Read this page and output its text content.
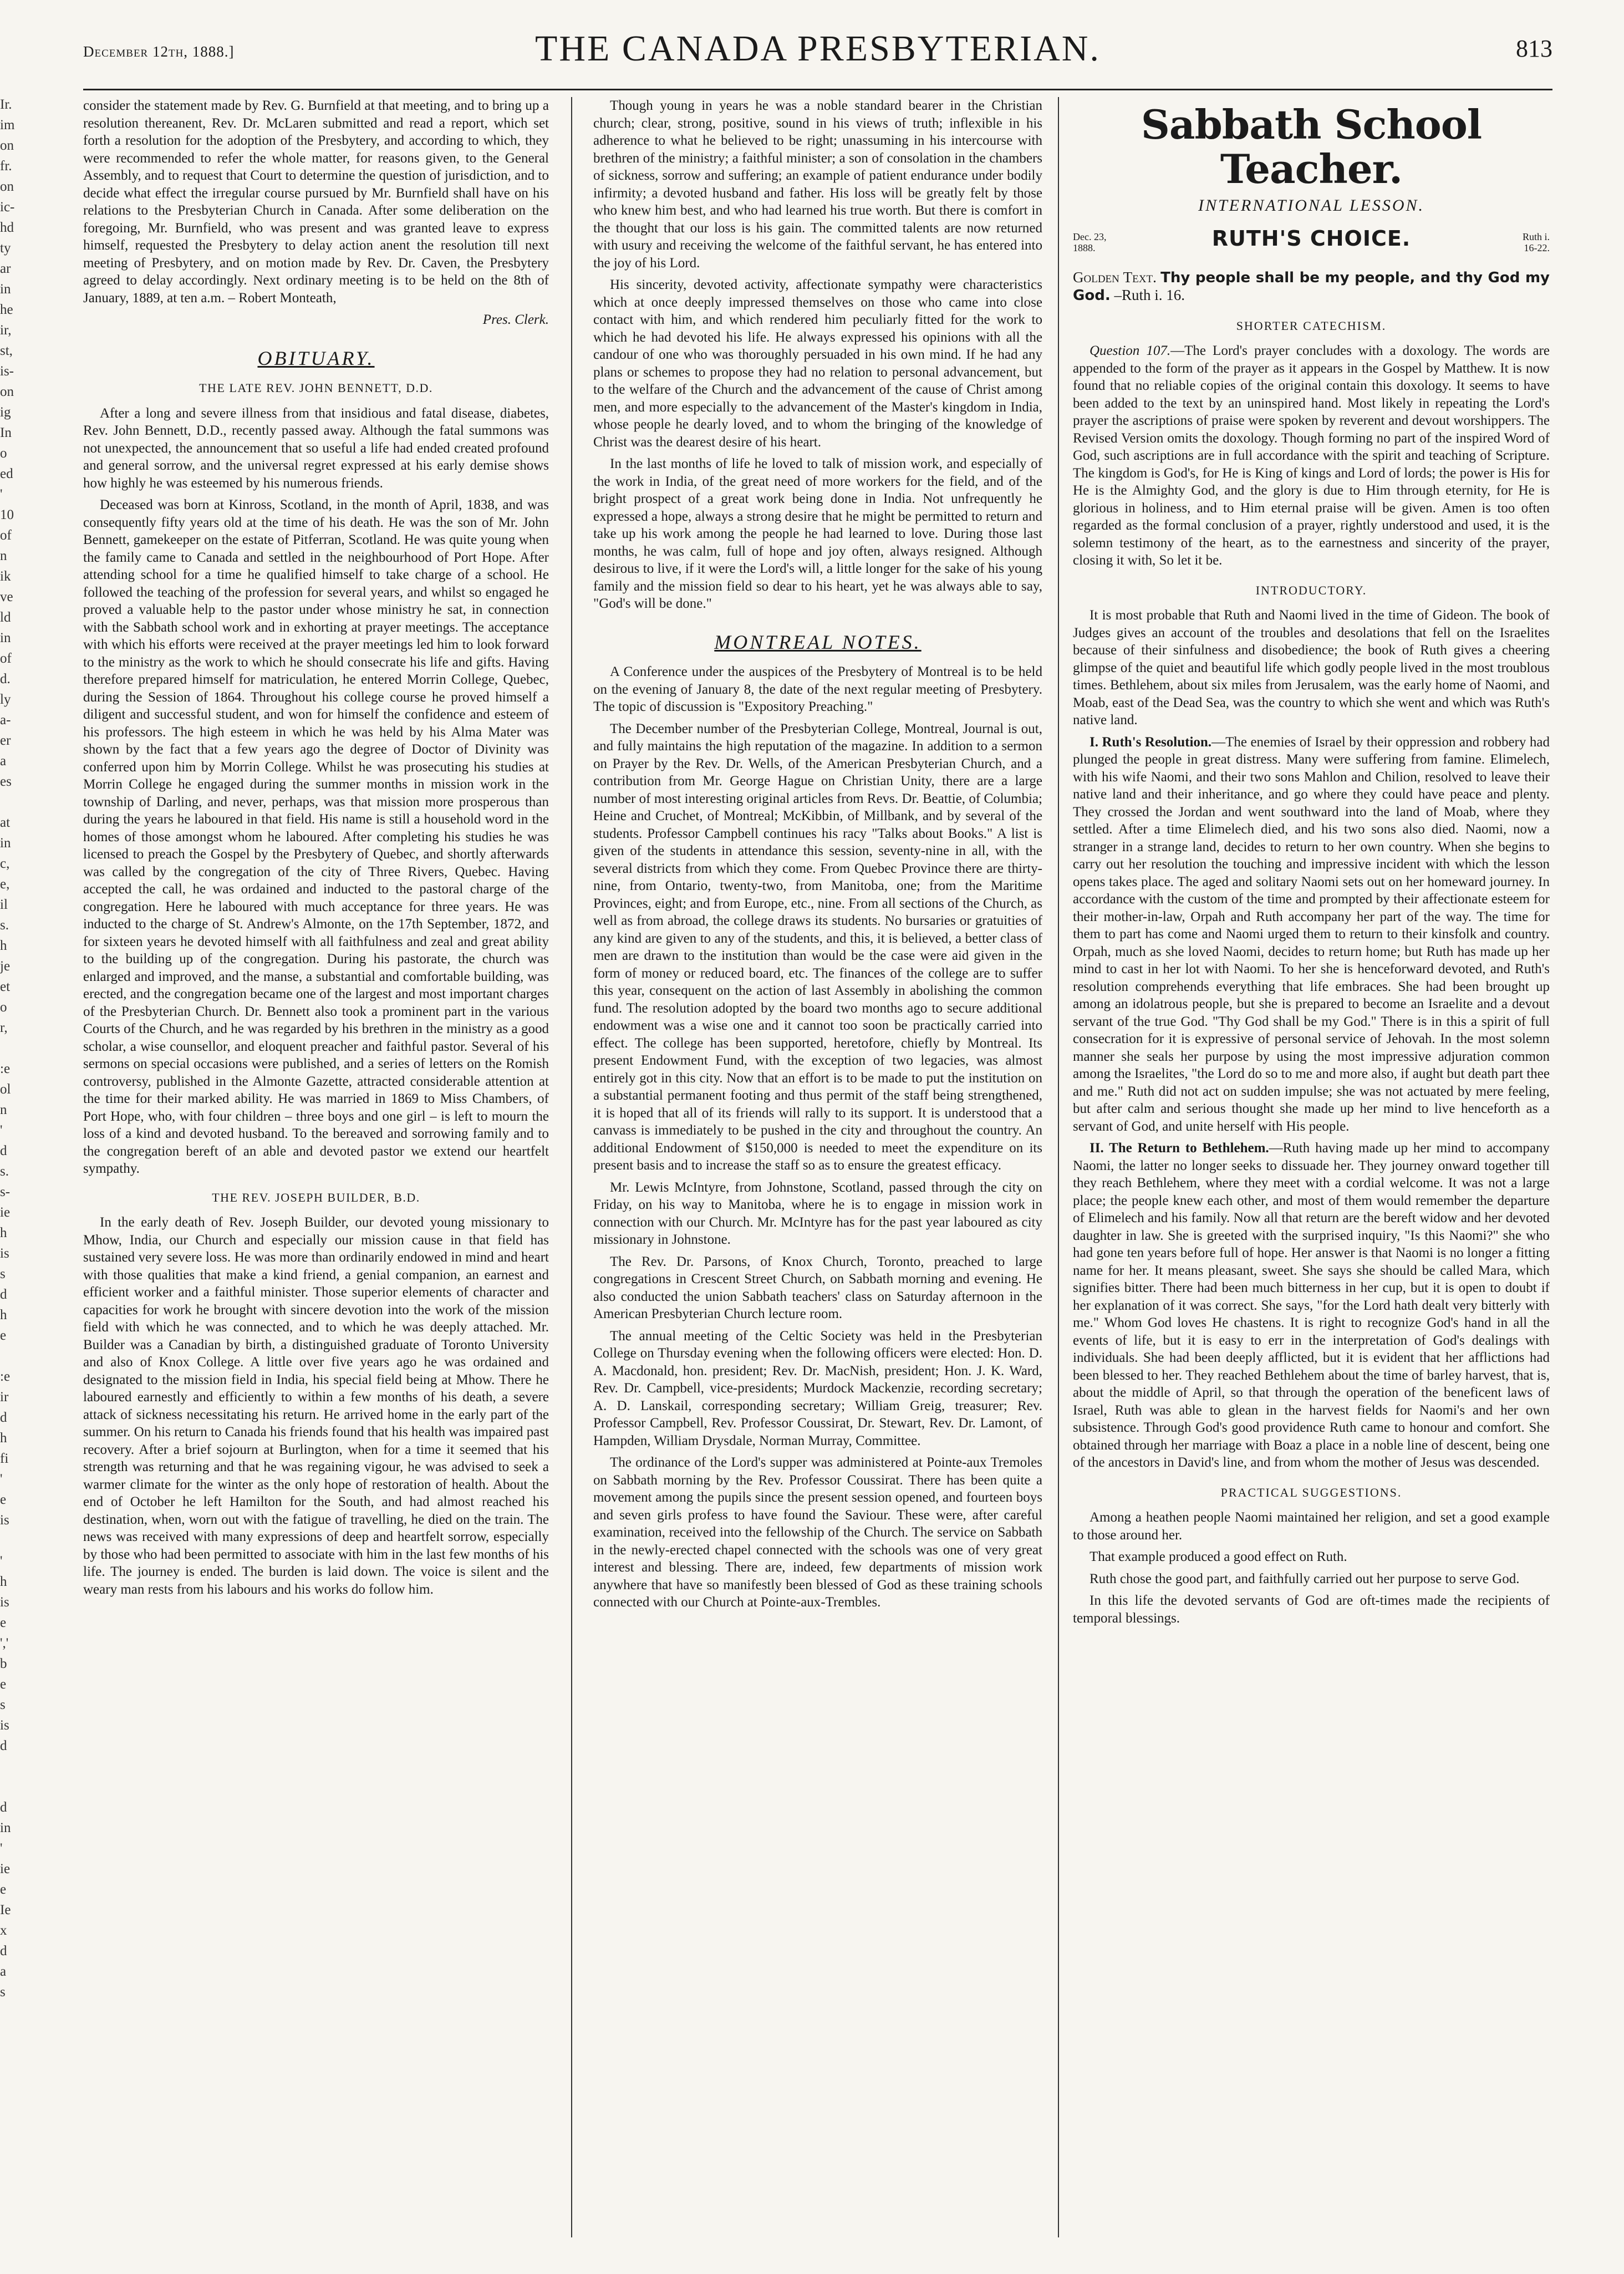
December 12th, 1888.]	THE CANADA PRESBYTERIAN.	813
Ir.
im
on
fr.
on
ic-
hd
ty
ar
in
he
ir,
st,
is-
on
ig
In
o
ed
'
10
of
n
ik
ve
ld
in
of
d.
ly
a-
er
a
es

at
in
c,
e,
il
s.
h
je
et
o
r,

:e
ol
n
'
d
s.
s-
ie
h
is
s
d
h
e

:e
ir
d
h
fi
'
e
is

'
h
is
e
','
b
e
s
is
d

d
in
'
ie
e
Ie
x
d
a
s

consider the statement made by Rev. G. Burnfield at that meeting, and to bring up a resolution thereanent, Rev. Dr. McLaren submitted and read a report, which set forth a resolution for the adoption of the Presbytery, and according to which, they were recommended to refer the whole matter, for reasons given, to the General Assembly, and to request that Court to determine the question of jurisdiction, and to decide what effect the irregular course pursued by Mr. Burnfield shall have on his relations to the Presbyterian Church in Canada. After some deliberation on the foregoing, Mr. Burnfield, who was present and was granted leave to express himself, requested the Presbytery to delay action anent the resolution till next meeting of Presbytery, and on motion made by Rev. Dr. Caven, the Presbytery agreed to delay accordingly. Next ordinary meeting is to be held on the 8th of January, 1889, at ten a.m. – Robert Monteath,

Pres. Clerk.

OBITUARY.
THE LATE REV. JOHN BENNETT, D.D.

After a long and severe illness from that insidious and fatal disease, diabetes, Rev. John Bennett, D.D., recently passed away. Although the fatal summons was not unexpected, the announcement that so useful a life had ended created profound and general sorrow, and the universal regret expressed at his early demise shows how highly he was esteemed by his numerous friends.

Deceased was born at Kinross, Scotland, in the month of April, 1838, and was consequently fifty years old at the time of his death. He was the son of Mr. John Bennett, gamekeeper on the estate of Pitferran, Scotland. He was quite young when the family came to Canada and settled in the neighbourhood of Port Hope. After attending school for a time he qualified himself to take charge of a school. He followed the teaching of the profession for several years, and whilst so engaged he proved a valuable help to the pastor under whose ministry he sat, in connection with the Sabbath school work and in exhorting at prayer meetings. The acceptance with which his efforts were received at the prayer meetings led him to look forward to the ministry as the work to which he should consecrate his life and gifts. Having therefore prepared himself for matriculation, he entered Morrin College, Quebec, during the Session of 1864. Throughout his college course he proved himself a diligent and successful student, and won for himself the confidence and esteem of his professors. The high esteem in which he was held by his Alma Mater was shown by the fact that a few years ago the degree of Doctor of Divinity was conferred upon him by Morrin College. Whilst he was prosecuting his studies at Morrin College he engaged during the summer months in mission work in the township of Darling, and never, perhaps, was that mission more prosperous than during the years he laboured in that field. His name is still a household word in the homes of those amongst whom he laboured. After completing his studies he was licensed to preach the Gospel by the Presbytery of Quebec, and shortly afterwards was called by the congregation of the city of Three Rivers, Quebec. Having accepted the call, he was ordained and inducted to the pastoral charge of the congregation. Here he laboured with much acceptance for three years. He was inducted to the charge of St. Andrew's Almonte, on the 17th September, 1872, and for sixteen years he devoted himself with all faithfulness and zeal and great ability to the building up of the congregation. During his pastorate, the church was enlarged and improved, and the manse, a substantial and comfortable building, was erected, and the congregation became one of the largest and most important charges of the Presbyterian Church. Dr. Bennett also took a prominent part in the various Courts of the Church, and he was regarded by his brethren in the ministry as a good scholar, a wise counsellor, and eloquent preacher and faithful pastor. Several of his sermons on special occasions were published, and a series of letters on the Romish controversy, published in the Almonte Gazette, attracted considerable attention at the time for their marked ability. He was married in 1869 to Miss Chambers, of Port Hope, who, with four children – three boys and one girl – is left to mourn the loss of a kind and devoted husband. To the bereaved and sorrowing family and to the congregation bereft of an able and devoted pastor we extend our heartfelt sympathy.

THE REV. JOSEPH BUILDER, B.D.

In the early death of Rev. Joseph Builder, our devoted young missionary to Mhow, India, our Church and especially our mission cause in that field has sustained very severe loss. He was more than ordinarily endowed in mind and heart with those qualities that make a kind friend, a genial companion, an earnest and efficient worker and a faithful minister. Those superior elements of character and capacities for work he brought with sincere devotion into the work of the mission field with which he was connected, and to which he was deeply attached. Mr. Builder was a Canadian by birth, a distinguished graduate of Toronto University and also of Knox College. A little over five years ago he was ordained and designated to the mission field in India, his special field being at Mhow. There he laboured earnestly and efficiently to within a few months of his death, a severe attack of sickness necessitating his return. He arrived home in the early part of the summer. On his return to Canada his friends found that his health was impaired past recovery. After a brief sojourn at Burlington, when for a time it seemed that his strength was returning and that he was regaining vigour, he was advised to seek a warmer climate for the winter as the only hope of restoration of health. About the end of October he left Hamilton for the South, and had almost reached his destination, when, worn out with the fatigue of travelling, he died on the train. The news was received with many expressions of deep and heartfelt sorrow, especially by those who had been permitted to associate with him in the last few months of his life. The journey is ended. The burden is laid down. The voice is silent and the weary man rests from his labours and his works do follow him.

Though young in years he was a noble standard bearer in the Christian church; clear, strong, positive, sound in his views of truth; inflexible in his adherence to what he believed to be right; unassuming in his intercourse with brethren of the ministry; a faithful minister; a son of consolation in the chambers of sickness, sorrow and suffering; an example of patient endurance under bodily infirmity; a devoted husband and father. His loss will be greatly felt by those who knew him best, and who had learned his true worth. But there is comfort in the thought that our loss is his gain. The committed talents are now returned with usury and receiving the welcome of the faithful servant, he has entered into the joy of his Lord.

His sincerity, devoted activity, affectionate sympathy were characteristics which at once deeply impressed themselves on those who came into close contact with him, and which rendered him peculiarly fitted for the work to which he had devoted his life. He always expressed his opinions with all the candour of one who was thoroughly persuaded in his own mind. If he had any plans or schemes to propose they had no relation to personal advancement, but to the welfare of the Church and the advancement of the cause of Christ among men, and more especially to the advancement of the Master's kingdom in India, whose people he dearly loved, and to whom the bringing of the knowledge of Christ was the dearest desire of his heart.

In the last months of life he loved to talk of mission work, and especially of the work in India, of the great need of more workers for the field, and of the bright prospect of a great work being done in India. Not unfrequently he expressed a hope, always a strong desire that he might be permitted to return and take up his work among the people he had learned to love. During those last months, he was calm, full of hope and joy often, always resigned. Although desirous to live, if it were the Lord's will, a little longer for the sake of his young family and the mission field so dear to his heart, yet he was always able to say, "God's will be done."

MONTREAL NOTES.

A Conference under the auspices of the Presbytery of Montreal is to be held on the evening of January 8, the date of the next regular meeting of Presbytery. The topic of discussion is "Expository Preaching."

The December number of the Presbyterian College, Montreal, Journal is out, and fully maintains the high reputation of the magazine. In addition to a sermon on Prayer by the Rev. Dr. Wells, of the American Presbyterian Church, and a contribution from Mr. George Hague on Christian Unity, there are a large number of most interesting original articles from Revs. Dr. Beattie, of Columbia; Heine and Cruchet, of Montreal; McKibbin, of Millbank, and by several of the students. Professor Campbell continues his racy "Talks about Books." A list is given of the students in attendance this session, seventy-nine in all, with the several districts from which they come. From Quebec Province there are thirty-nine, from Ontario, twenty-two, from Manitoba, one; from the Maritime Provinces, eight; and from Europe, etc., nine. From all sections of the Church, as well as from abroad, the college draws its students. No bursaries or gratuities of any kind are given to any of the students, and this, it is believed, a better class of men are drawn to the institution than would be the case were aid given in the form of money or reduced board, etc. The finances of the college are to suffer this year, consequent on the action of last Assembly in abolishing the common fund. The resolution adopted by the board two months ago to secure additional endowment was a wise one and it cannot too soon be practically carried into effect. The college has been supported, heretofore, chiefly by Montreal. Its present Endowment Fund, with the exception of two legacies, was almost entirely got in this city. Now that an effort is to be made to put the institution on a substantial permanent footing and thus permit of the staff being strengthened, it is hoped that all of its friends will rally to its support. It is understood that a canvass is immediately to be pushed in the city and throughout the country. An additional Endowment of $150,000 is needed to meet the expenditure on its present basis and to increase the staff so as to ensure the greatest efficacy.

Mr. Lewis McIntyre, from Johnstone, Scotland, passed through the city on Friday, on his way to Manitoba, where he is to engage in mission work in connection with our Church. Mr. McIntyre has for the past year laboured as city missionary in Johnstone.

The Rev. Dr. Parsons, of Knox Church, Toronto, preached to large congregations in Crescent Street Church, on Sabbath morning and evening. He also conducted the union Sabbath teachers' class on Saturday afternoon in the American Presbyterian Church lecture room.

The annual meeting of the Celtic Society was held in the Presbyterian College on Thursday evening when the following officers were elected: Hon. D. A. Macdonald, hon. president; Rev. Dr. MacNish, president; Hon. J. K. Ward, Rev. Dr. Campbell, vice-presidents; Murdock Mackenzie, recording secretary; A. D. Lanskail, corresponding secretary; William Greig, treasurer; Rev. Professor Campbell, Rev. Professor Coussirat, Dr. Stewart, Rev. Dr. Lamont, of Hampden, William Drysdale, Norman Murray, Committee.

The ordinance of the Lord's supper was administered at Pointe-aux Tremoles on Sabbath morning by the Rev. Professor Coussirat. There has been quite a movement among the pupils since the present session opened, and fourteen boys and seven girls profess to have found the Saviour. These were, after careful examination, received into the fellowship of the Church. The service on Sabbath in the newly-erected chapel connected with the schools was one of very great interest and blessing. There are, indeed, few departments of mission work anywhere that have so manifestly been blessed of God as these training schools connected with our Church at Pointe-aux-Trembles.

Sabbath School Teacher.
INTERNATIONAL LESSON.
Dec. 23,
1888.	RUTH'S CHOICE.	Ruth i.
16-22.

Golden Text. Thy people shall be my people, and thy God my God. –Ruth i. 16.

SHORTER CATECHISM.

Question 107.—The Lord's prayer concludes with a doxology. The words are appended to the form of the prayer as it appears in the Gospel by Matthew. It is now found that no reliable copies of the original contain this doxology. It seems to have been added to the text by an uninspired hand. Most likely in repeating the Lord's prayer the ascriptions of praise were spoken by reverent and devout worshippers. The Revised Version omits the doxology. Though forming no part of the inspired Word of God, such ascriptions are in full accordance with the spirit and teaching of Scripture. The kingdom is God's, for He is King of kings and Lord of lords; the power is His for He is the Almighty God, and the glory is due to Him through eternity, for He is glorious in holiness, and to Him eternal praise will be given. Amen is too often regarded as the formal conclusion of a prayer, rightly understood and used, it is the solemn testimony of the heart, as to the earnestness and sincerity of the prayer, closing it with, So let it be.

INTRODUCTORY.

It is most probable that Ruth and Naomi lived in the time of Gideon. The book of Judges gives an account of the troubles and desolations that fell on the Israelites because of their sinfulness and disobedience; the book of Ruth gives a cheering glimpse of the quiet and beautiful life which godly people lived in the most troublous times. Bethlehem, about six miles from Jerusalem, was the early home of Naomi, and Moab, east of the Dead Sea, was the country to which she went and which was Ruth's native land.

I. Ruth's Resolution.—The enemies of Israel by their oppression and robbery had plunged the people in great distress. Many were suffering from famine. Elimelech, with his wife Naomi, and their two sons Mahlon and Chilion, resolved to leave their native land and their inheritance, and go where they could have peace and plenty. They crossed the Jordan and went southward into the land of Moab, where they settled. After a time Elimelech died, and his two sons also died. Naomi, now a stranger in a strange land, decides to return to her own country. When she begins to carry out her resolution the touching and impressive incident with which the lesson opens takes place. The aged and solitary Naomi sets out on her homeward journey. In accordance with the custom of the time and prompted by their affectionate esteem for their mother-in-law, Orpah and Ruth accompany her part of the way. The time for them to part has come and Naomi urged them to return to their kinsfolk and country. Orpah, much as she loved Naomi, decides to return home; but Ruth has made up her mind to cast in her lot with Naomi. To her she is henceforward devoted, and Ruth's resolution comprehends everything that life embraces. She had been brought up among an idolatrous people, but she is prepared to become an Israelite and a devout servant of the true God. "Thy God shall be my God." There is in this a spirit of full consecration for it is expressive of personal service of Jehovah. In the most solemn manner she seals her purpose by using the most impressive adjuration common among the Israelites, "the Lord do so to me and more also, if aught but death part thee and me." Ruth did not act on sudden impulse; she was not actuated by mere feeling, but after calm and serious thought she made up her mind to live henceforth as a servant of God, and unite herself with His people.

II. The Return to Bethlehem.—Ruth having made up her mind to accompany Naomi, the latter no longer seeks to dissuade her. They journey onward together till they reach Bethlehem, where they meet with a cordial welcome. It was not a large place; the people knew each other, and most of them would remember the departure of Elimelech and his family. Now all that return are the bereft widow and her devoted daughter in law. She is greeted with the surprised inquiry, "Is this Naomi?" she who had gone ten years before full of hope. Her answer is that Naomi is no longer a fitting name for her. It means pleasant, sweet. She says she should be called Mara, which signifies bitter. There had been much bitterness in her cup, but it is open to doubt if her explanation of it was correct. She says, "for the Lord hath dealt very bitterly with me." Whom God loves He chastens. It is right to recognize God's hand in all the events of life, but it is easy to err in the interpretation of God's dealings with individuals. She had been deeply afflicted, but it is evident that her afflictions had been blessed to her. They reached Bethlehem about the time of barley harvest, that is, about the middle of April, so that through the operation of the beneficent laws of Israel, Ruth was able to glean in the harvest fields for Naomi's and her own subsistence. Through God's good providence Ruth came to honour and comfort. She obtained through her marriage with Boaz a place in a noble line of descent, being one of the ancestors in David's line, and from whom the mother of Jesus was descended.

PRACTICAL SUGGESTIONS.

Among a heathen people Naomi maintained her religion, and set a good example to those around her.

That example produced a good effect on Ruth.

Ruth chose the good part, and faithfully carried out her purpose to serve God.

In this life the devoted servants of God are oft-times made the recipients of temporal blessings.
